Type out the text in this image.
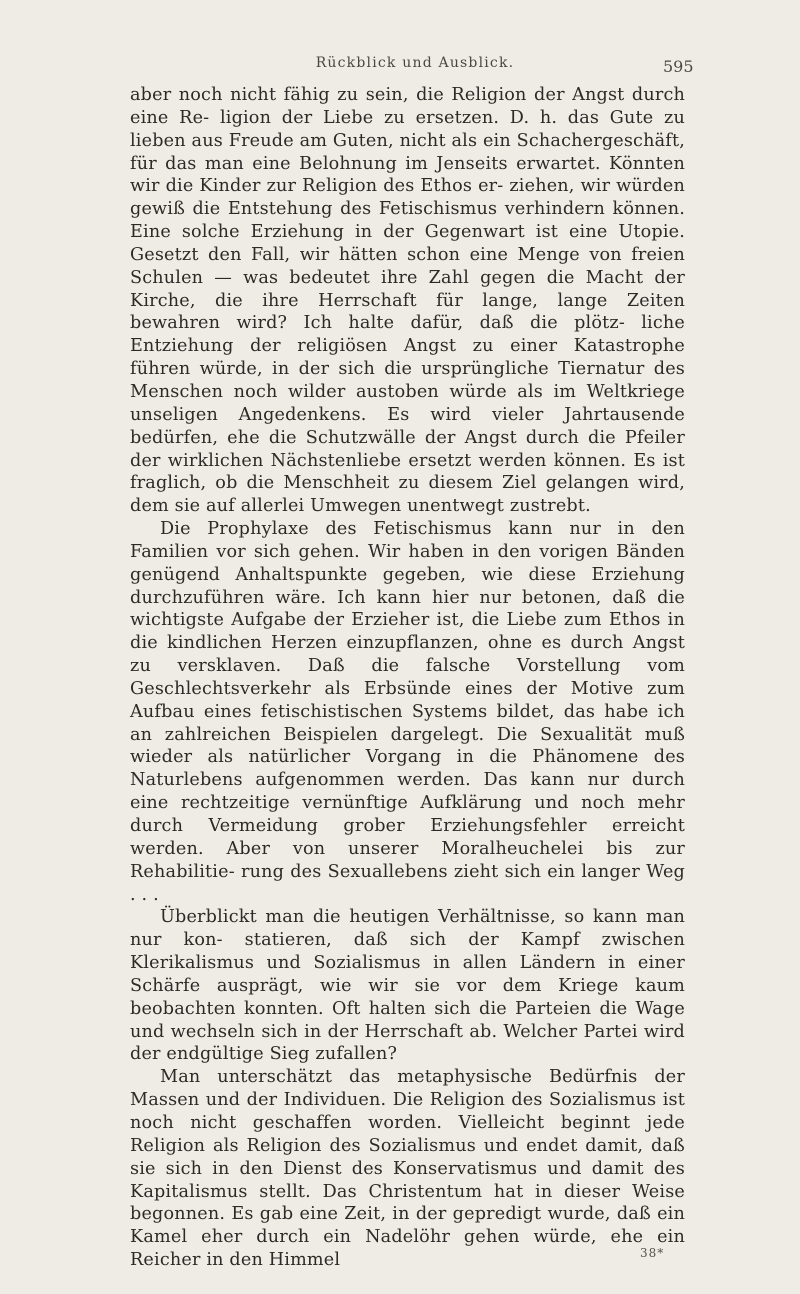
Rückblick und Ausblick.	595

aber noch nicht fähig zu sein, die Religion der Angst durch eine Re- ligion der Liebe zu ersetzen. D. h. das Gute zu lieben aus Freude am Guten, nicht als ein Schachergeschäft, für das man eine Belohnung im Jenseits erwartet. Könnten wir die Kinder zur Religion des Ethos er- ziehen, wir würden gewiß die Entstehung des Fetischismus verhindern können. Eine solche Erziehung in der Gegenwart ist eine Utopie. Gesetzt den Fall, wir hätten schon eine Menge von freien Schulen — was bedeutet ihre Zahl gegen die Macht der Kirche, die ihre Herrschaft für lange, lange Zeiten bewahren wird? Ich halte dafür, daß die plötz- liche Entziehung der religiösen Angst zu einer Katastrophe führen würde, in der sich die ursprüngliche Tiernatur des Menschen noch wilder austoben würde als im Weltkriege unseligen Angedenkens. Es wird vieler Jahrtausende bedürfen, ehe die Schutzwälle der Angst durch die Pfeiler der wirklichen Nächstenliebe ersetzt werden können. Es ist fraglich, ob die Menschheit zu diesem Ziel gelangen wird, dem sie auf allerlei Umwegen unentwegt zustrebt.

Die Prophylaxe des Fetischismus kann nur in den Familien vor sich gehen. Wir haben in den vorigen Bänden genügend Anhaltspunkte gegeben, wie diese Erziehung durchzuführen wäre. Ich kann hier nur betonen, daß die wichtigste Aufgabe der Erzieher ist, die Liebe zum Ethos in die kindlichen Herzen einzupflanzen, ohne es durch Angst zu versklaven. Daß die falsche Vorstellung vom Geschlechtsverkehr als Erbsünde eines der Motive zum Aufbau eines fetischistischen Systems bildet, das habe ich an zahlreichen Beispielen dargelegt. Die Sexualität muß wieder als natürlicher Vorgang in die Phänomene des Naturlebens aufgenommen werden. Das kann nur durch eine rechtzeitige vernünftige Aufklärung und noch mehr durch Vermeidung grober Erziehungsfehler erreicht werden. Aber von unserer Moralheuchelei bis zur Rehabilitie- rung des Sexuallebens zieht sich ein langer Weg . . .

Überblickt man die heutigen Verhältnisse, so kann man nur kon- statieren, daß sich der Kampf zwischen Klerikalismus und Sozialismus in allen Ländern in einer Schärfe ausprägt, wie wir sie vor dem Kriege kaum beobachten konnten. Oft halten sich die Parteien die Wage und wechseln sich in der Herrschaft ab. Welcher Partei wird der endgültige Sieg zufallen?

Man unterschätzt das metaphysische Bedürfnis der Massen und der Individuen. Die Religion des Sozialismus ist noch nicht geschaffen worden. Vielleicht beginnt jede Religion als Religion des Sozialismus und endet damit, daß sie sich in den Dienst des Konservatismus und damit des Kapitalismus stellt. Das Christentum hat in dieser Weise begonnen. Es gab eine Zeit, in der gepredigt wurde, daß ein Kamel eher durch ein Nadelöhr gehen würde, ehe ein Reicher in den Himmel	38*
